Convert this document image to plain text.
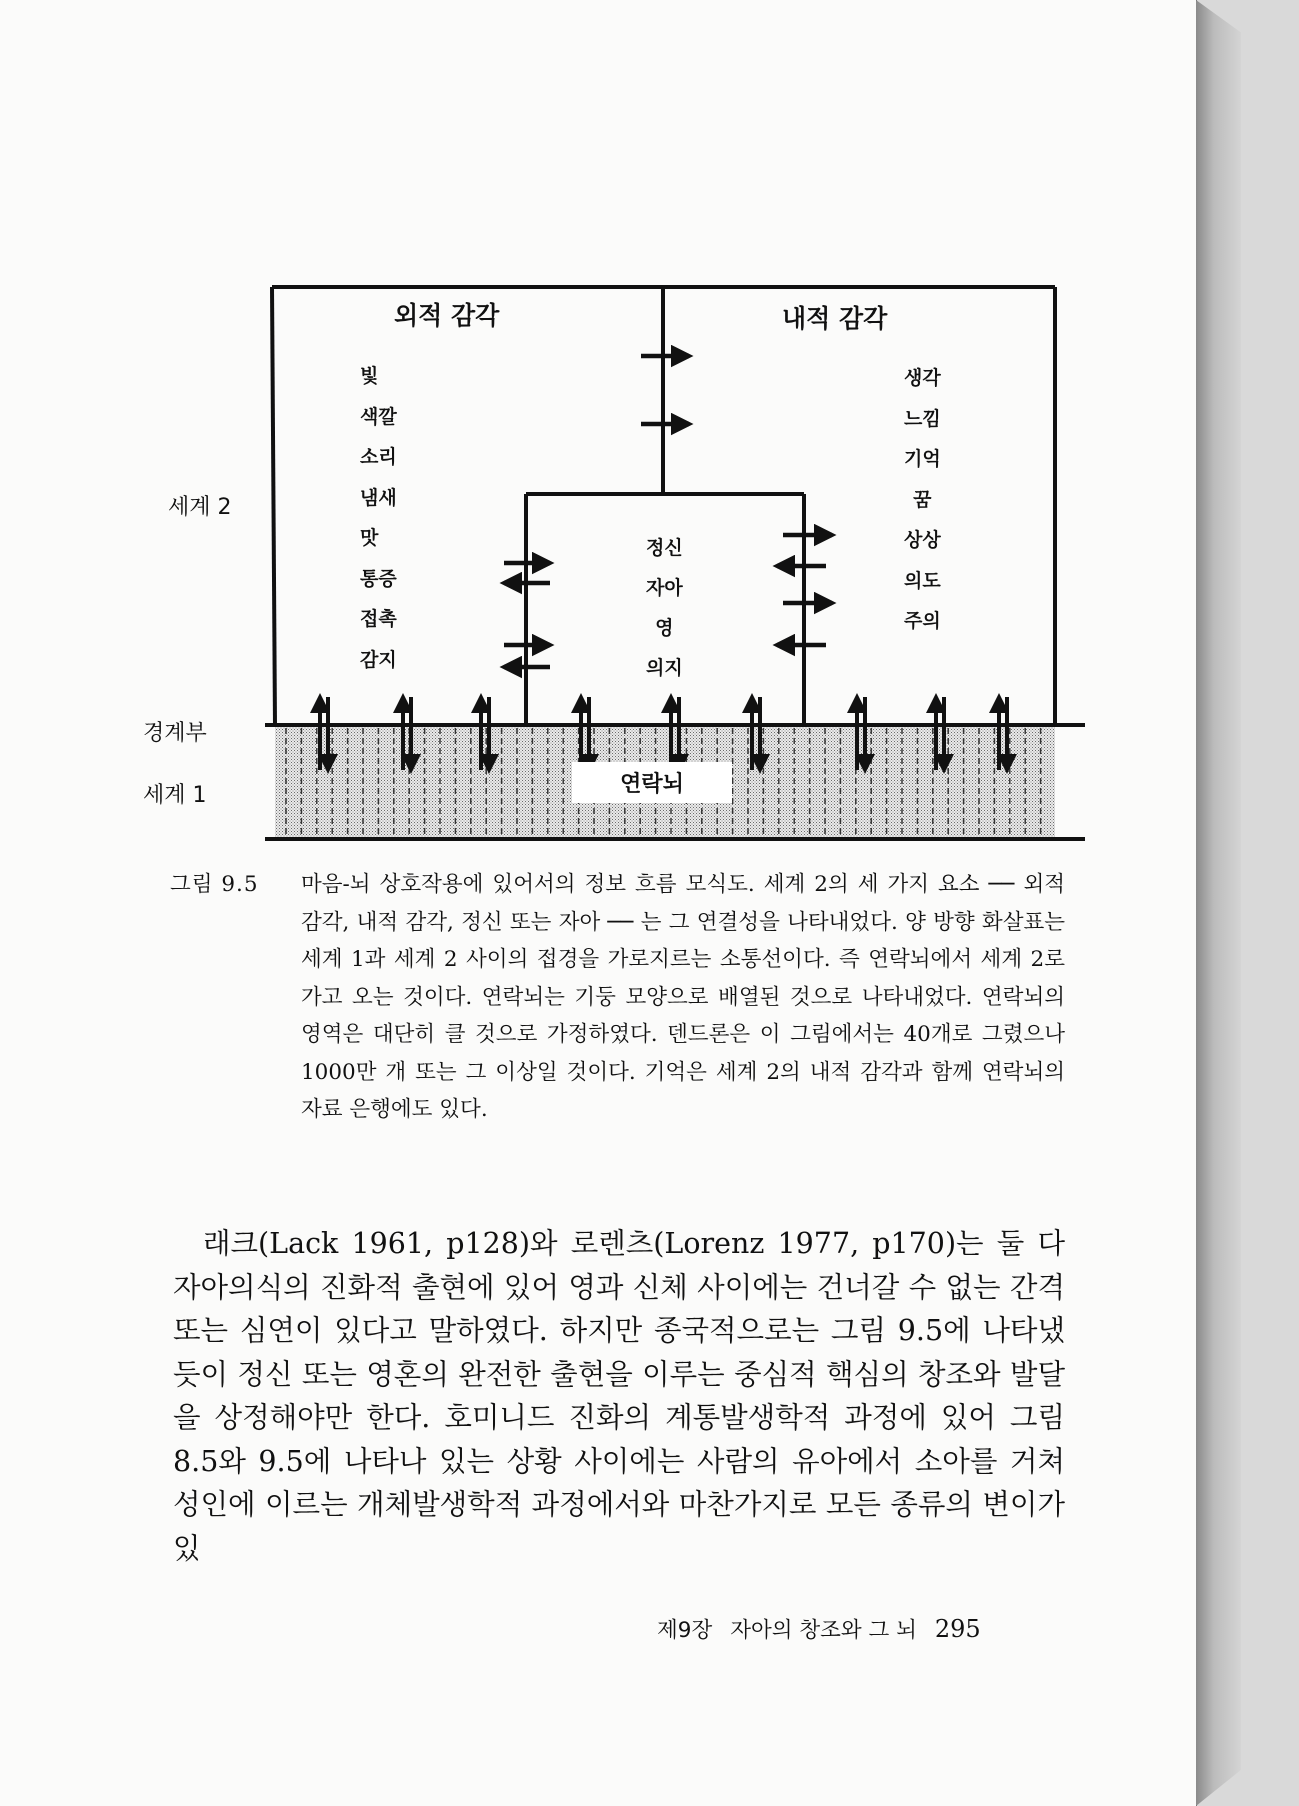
외적 감각	내적 감각
세계 2
경계부
세계 1
빛
색깔
소리
냄새
맛
통증
접촉
감지
생각
느낌
기억
꿈
상상
의도
주의
정신
자아
영
의지
연락뇌
그림 9.5 마음-뇌 상호작용에 있어서의 정보 흐름 모식도. 세계 2의 세 가지 요소 ── 외적 감각, 내적 감각, 정신 또는 자아 ── 는 그 연결성을 나타내었다. 양 방향 화살표는 세계 1과 세계 2 사이의 접경을 가로지르는 소통선이다. 즉 연락뇌에서 세계 2로 가고 오는 것이다. 연락뇌는 기둥 모양으로 배열된 것으로 나타내었다. 연락뇌의 영역은 대단히 클 것으로 가정하였다. 덴드론은 이 그림에서는 40개로 그렸으나 1000만 개 또는 그 이상일 것이다. 기억은 세계 2의 내적 감각과 함께 연락뇌의 자료 은행에도 있다.
래크(Lack 1961, p128)와 로렌츠(Lorenz 1977, p170)는 둘 다 자아의식의 진화적 출현에 있어 영과 신체 사이에는 건너갈 수 없는 간격 또는 심연이 있다고 말하였다. 하지만 종국적으로는 그림 9.5에 나타냈듯이 정신 또는 영혼의 완전한 출현을 이루는 중심적 핵심의 창조와 발달을 상정해야만 한다. 호미니드 진화의 계통발생학적 과정에 있어 그림 8.5와 9.5에 나타나 있는 상황 사이에는 사람의 유아에서 소아를 거쳐 성인에 이르는 개체발생학적 과정에서와 마찬가지로 모든 종류의 변이가 있
제9장 자아의 창조와 그 뇌 295
